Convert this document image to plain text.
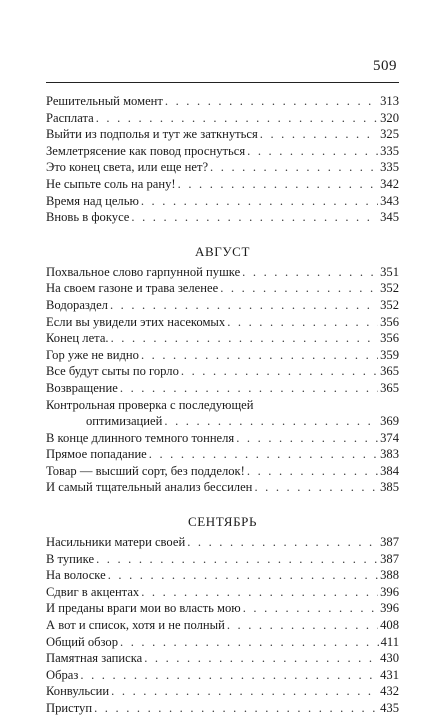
509
Решительный момент . . .	313
Расплата . . .	320
Выйти из подполья и тут же заткнуться . . .	325
Землетрясение как повод проснуться . . .	335
Это конец света, или еще нет? . . .	335
Не сыпьте соль на рану! . . .	342
Время над целью . . .	343
Вновь в фокусе . . .	345
АВГУСТ
Похвальное слово гарпунной пушке . . .	351
На своем газоне и трава зеленее . . .	352
Водораздел . . .	352
Если вы увидели этих насекомых . . .	356
Конец лета. . . .	356
Гор уже не видно . . .	359
Все будут сыты по горло . . .	365
Возвращение . . .	365
Контрольная проверка с последующей
оптимизацией . . .	369
В конце длинного темного тоннеля . . .	374
Прямое попадание . . .	383
Товар — высший сорт, без подделок! . . .	384
И самый тщательный анализ бессилен . . .	385
СЕНТЯБРЬ
Насильники матери своей . . .	387
В тупике . . .	387
На волоске . . .	388
Сдвиг в акцентах . . .	396
И преданы враги мои во власть мою . . .	396
А вот и список, хотя и не полный . . .	408
Общий обзор . . .	411
Памятная записка . . .	430
Образ . . .	431
Конвульсии . . .	432
Приступ . . .	435
